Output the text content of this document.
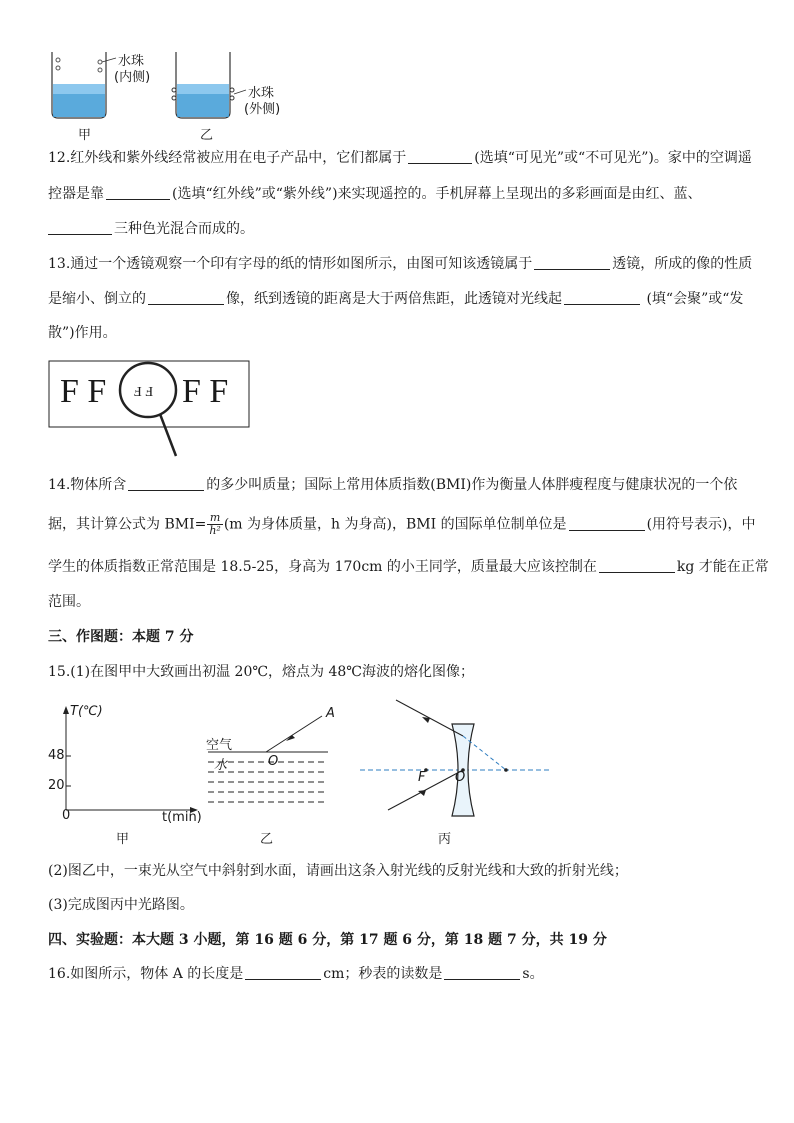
水珠
(内侧)
水珠
(外侧)
甲	乙
12.红外线和紫外线经常被应用在电子产品中，它们都属于	(选填“可见光”或“不可见光”)。家中的空调遥
控器是靠	(选填“红外线”或“紫外线”)来实现遥控的。手机屏幕上呈现出的多彩画面是由红、蓝、
三种色光混合而成的。
13.通过一个透镜观察一个印有字母的纸的情形如图所示，由图可知该透镜属于	透镜，所成的像的性质
是缩小、倒立的	像，纸到透镜的距离是大于两倍焦距，此透镜对光线起	(填“会聚”或“发
散”)作用。
F F F F F F
14.物体所含	的多少叫质量；国际上常用体质指数(BMI)作为衡量人体胖瘦程度与健康状况的一个依
据，其计算公式为 $BMI= \frac{m}{\text{h²}} (m$ 为身体质量，h 为身高)，BMI 的国际单位制单位是	(用符号表示)，中
学生的体质指数正常范围是 18.5-25，身高为 170cm 的小王同学，质量最大应该控制在	kg 才能在正常
范围。
三、作图题：本题 7 分
15.(1)在图甲中大致画出初温 20℃，熔点为 48℃海波的熔化图像；
T(℃)
48
20
0	t(min)
甲
空气
水	O
A
乙
F O
丙
(2)图乙中，一束光从空气中斜射到水面，请画出这条入射光线的反射光线和大致的折射光线；
(3)完成图丙中光路图。
四、实验题：本大题 3 小题，第 16 题 6 分，第 17 题 6 分，第 18 题 7 分，共 19 分
16.如图所示，物体 A 的长度是	cm；秒表的读数是	s。
